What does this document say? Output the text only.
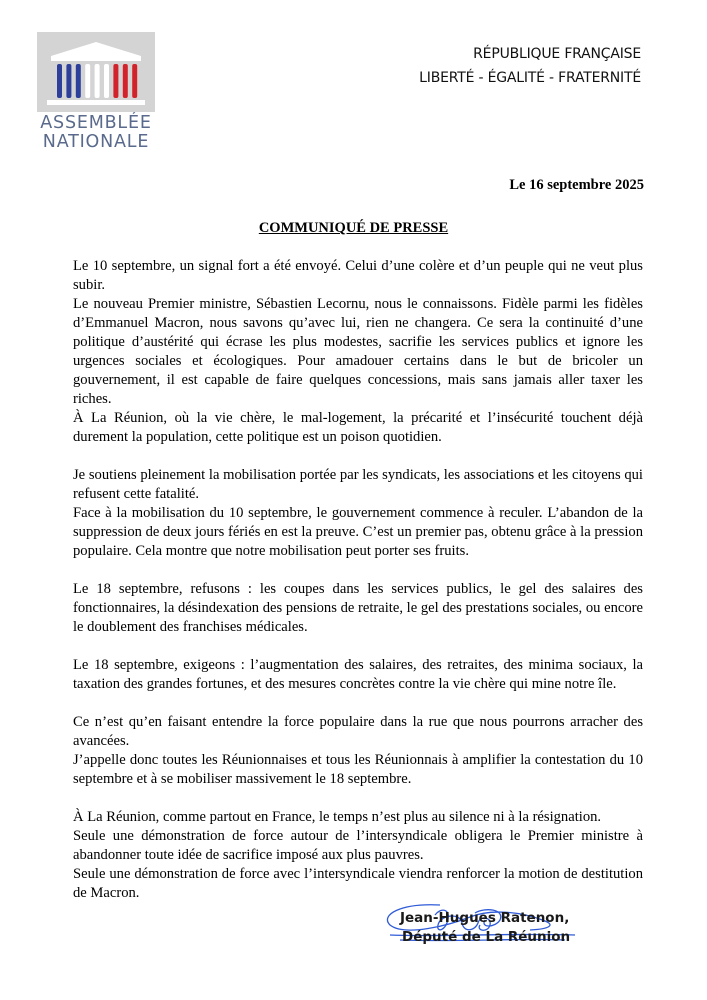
ASSEMBLÉE
NATIONALE
RÉPUBLIQUE FRANÇAISE
LIBERTÉ - ÉGALITÉ - FRATERNITÉ
Le 16 septembre 2025
COMMUNIQUÉ DE PRESSE

Le 10 septembre, un signal fort a été envoyé. Celui d’une colère et d’un peuple qui ne veut plus subir.

Le nouveau Premier ministre, Sébastien Lecornu, nous le connaissons. Fidèle parmi les fidèles d’Emmanuel Macron, nous savons qu’avec lui, rien ne changera. Ce sera la continuité d’une politique d’austérité qui écrase les plus modestes, sacrifie les services publics et ignore les urgences sociales et écologiques. Pour amadouer certains dans le but de bricoler un gouvernement, il est capable de faire quelques concessions, mais sans jamais aller taxer les riches.

À La Réunion, où la vie chère, le mal-logement, la précarité et l’insécurité touchent déjà durement la population, cette politique est un poison quotidien.

Je soutiens pleinement la mobilisation portée par les syndicats, les associations et les citoyens qui refusent cette fatalité.

Face à la mobilisation du 10 septembre, le gouvernement commence à reculer. L’abandon de la suppression de deux jours fériés en est la preuve. C’est un premier pas, obtenu grâce à la pression populaire. Cela montre que notre mobilisation peut porter ses fruits.

Le 18 septembre, refusons : les coupes dans les services publics, le gel des salaires des fonctionnaires, la désindexation des pensions de retraite, le gel des prestations sociales, ou encore le doublement des franchises médicales.

Le 18 septembre, exigeons : l’augmentation des salaires, des retraites, des minima sociaux, la taxation des grandes fortunes, et des mesures concrètes contre la vie chère qui mine notre île.

Ce n’est qu’en faisant entendre la force populaire dans la rue que nous pourrons arracher des avancées.

J’appelle donc toutes les Réunionnaises et tous les Réunionnais à amplifier la contestation du 10 septembre et à se mobiliser massivement le 18 septembre.

À La Réunion, comme partout en France, le temps n’est plus au silence ni à la résignation.

Seule une démonstration de force autour de l’intersyndicale obligera le Premier ministre à abandonner toute idée de sacrifice imposé aux plus pauvres.

Seule une démonstration de force avec l’intersyndicale viendra renforcer la motion de destitution de Macron.

Jean-Hugues Ratenon,
Député de La Réunion
